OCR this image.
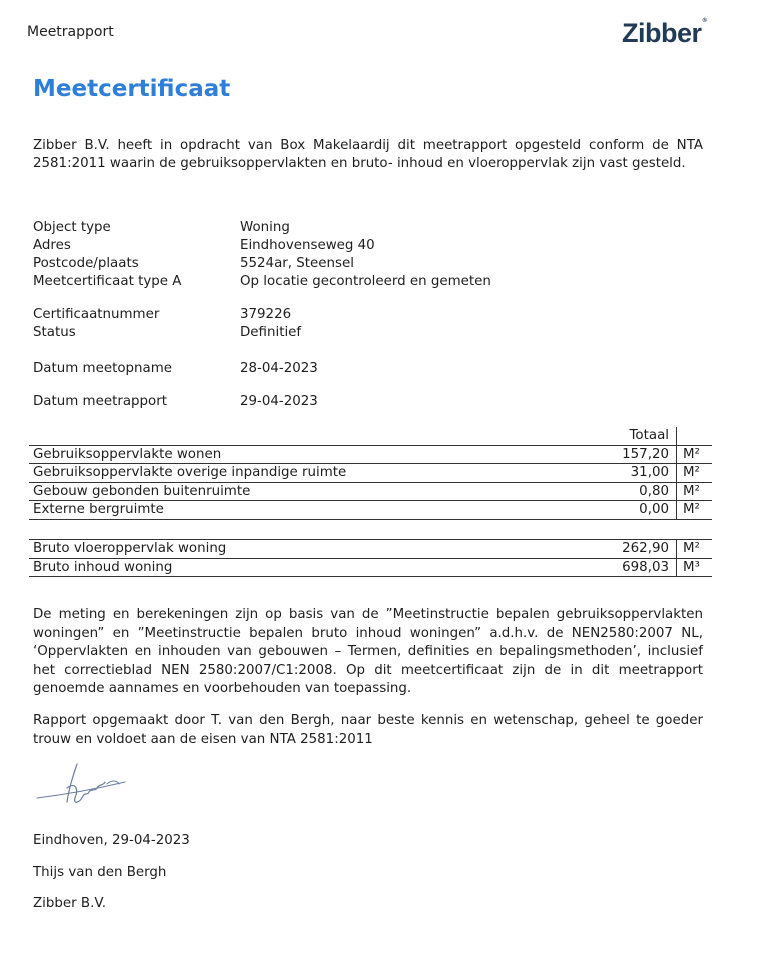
Meetrapport	Zibber®
Meetcertificaat
Zibber B.V. heeft in opdracht van Box Makelaardij dit meetrapport opgesteld conform de NTA 2581:2011 waarin de gebruiksoppervlakten en bruto- inhoud en vloeroppervlak zijn vast gesteld.
Object type	Woning
Adres	Eindhovenseweg 40
Postcode/plaats	5524ar, Steensel
Meetcertificaat type A	Op locatie gecontroleerd en gemeten
Certificaatnummer	379226
Status	Definitief
Datum meetopname	28-04-2023
Datum meetrapport	29-04-2023
	Totaal	
Gebruiksoppervlakte wonen	157,20	M²
Gebruiksoppervlakte overige inpandige ruimte	31,00	M²
Gebouw gebonden buitenruimte	0,80	M²
Externe bergruimte	0,00	M²
Bruto vloeroppervlak woning	262,90	M²
Bruto inhoud woning	698,03	M³
De meting en berekeningen zijn op basis van de ”Meetinstructie bepalen gebruiksoppervlakten woningen” en ”Meetinstructie bepalen bruto inhoud woningen” a.d.h.v. de NEN2580:2007 NL, ‘Oppervlakten en inhouden van gebouwen – Termen, definities en bepalingsmethoden’, inclusief het correctieblad NEN 2580:2007/C1:2008. Op dit meetcertificaat zijn de in dit meetrapport genoemde aannames en voorbehouden van toepassing.
Rapport opgemaakt door T. van den Bergh, naar beste kennis en wetenschap, geheel te goeder trouw en voldoet aan de eisen van NTA 2581:2011
Eindhoven, 29-04-2023
Thijs van den Bergh
Zibber B.V.
